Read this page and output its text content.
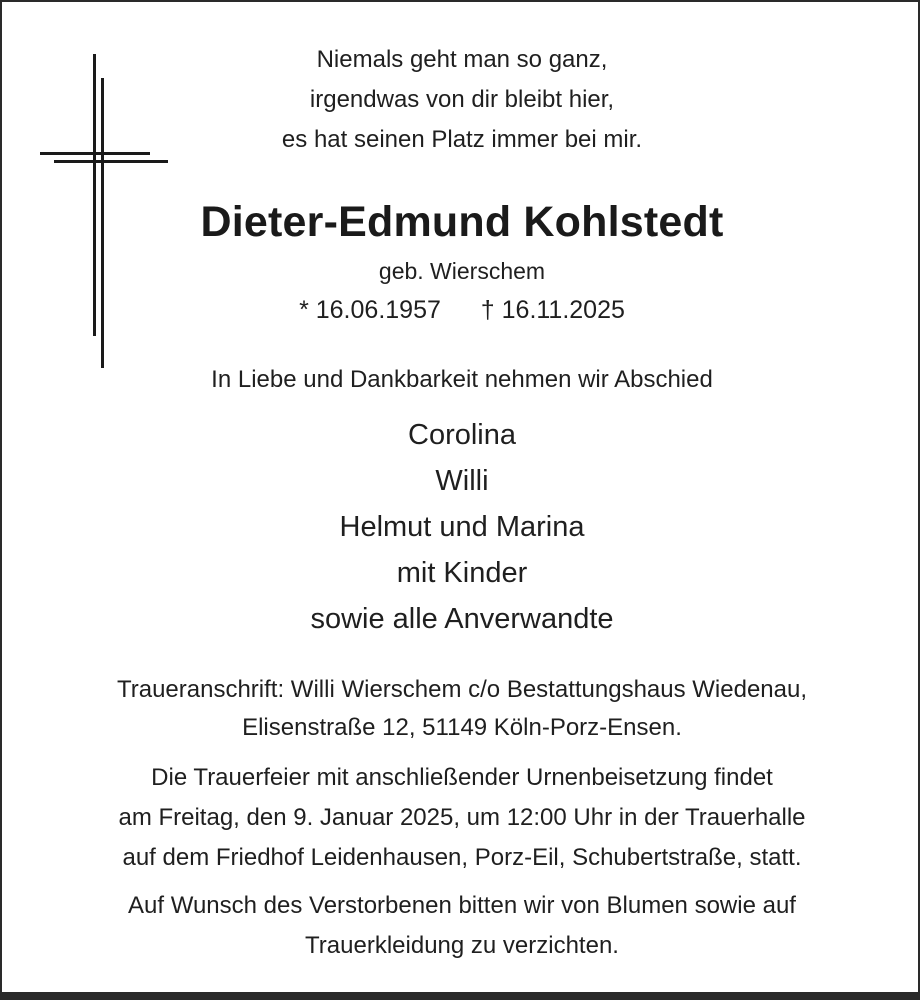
Niemals geht man so ganz,
irgendwas von dir bleibt hier,
es hat seinen Platz immer bei mir.
Dieter-Edmund Kohlstedt
geb. Wierschem
* 16.06.1957 † 16.11.2025
In Liebe und Dankbarkeit nehmen wir Abschied
Corolina
Willi
Helmut und Marina
mit Kinder
sowie alle Anverwandte
Traueranschrift: Willi Wierschem c/o Bestattungshaus Wiedenau,
Elisenstraße 12, 51149 Köln-Porz-Ensen.
Die Trauerfeier mit anschließender Urnenbeisetzung findet
am Freitag, den 9. Januar 2025, um 12:00 Uhr in der Trauerhalle
auf dem Friedhof Leidenhausen, Porz-Eil, Schubertstraße, statt.
Auf Wunsch des Verstorbenen bitten wir von Blumen sowie auf
Trauerkleidung zu verzichten.
